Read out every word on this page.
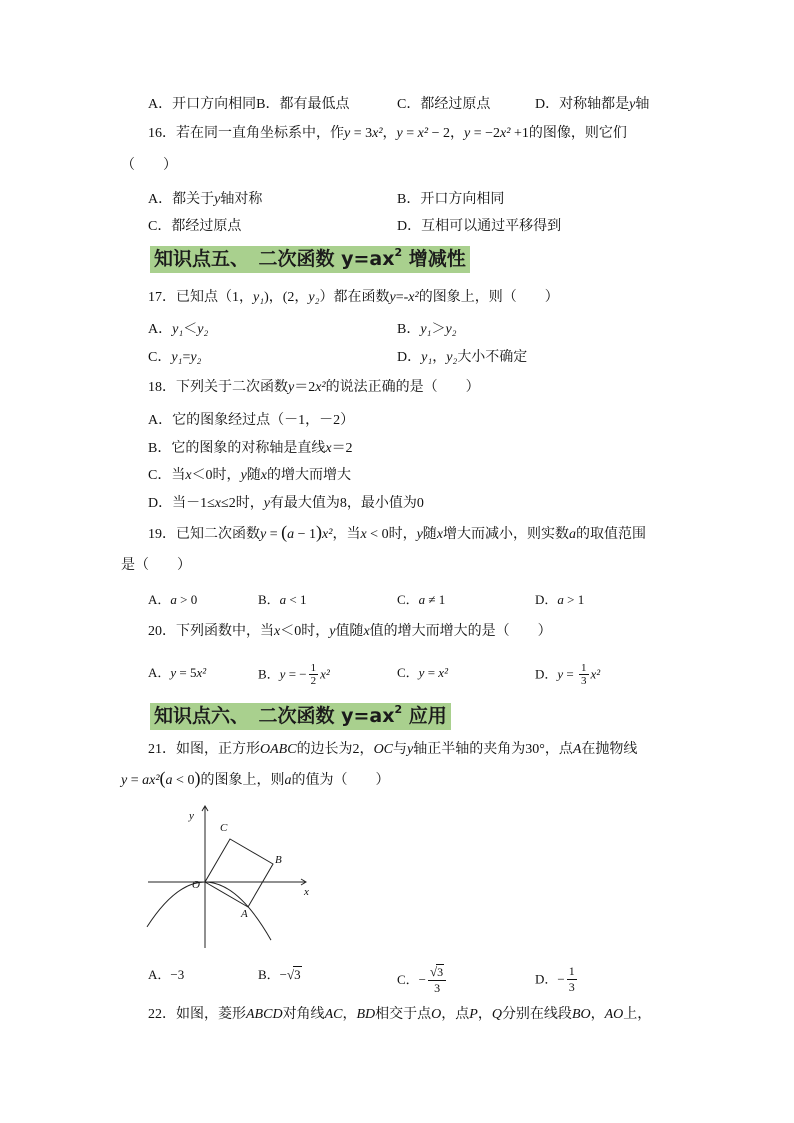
A．开口方向相同B．都有最低点	C．都经过原点	D．对称轴都是y轴
16．若在同一直角坐标系中，作y = 3x²，y = x² − 2，y = −2x² +1的图像，则它们
（　　）
A．都关于y轴对称	B．开口方向相同
C．都经过原点	D．互相可以通过平移得到
知识点五、　二次函数 $y=ax^2$ 增减性
17．已知点（1，y₁)，(2，y₂）都在函数y=-x²的图象上，则（　　）
A．y₁＜y₂	B．y₁＞y₂
C．y₁=y₂	D．y₁，y₂大小不确定
18．下列关于二次函数y＝2x²的说法正确的是（　　）
A．它的图象经过点（－1，－2）
B．它的图象的对称轴是直线x＝2
C．当x＜0时，y随x的增大而增大
D．当－1≤x≤2时，y有最大值为8，最小值为0
19．已知二次函数y = (a − 1)x²，当x < 0时，y随x增大而减小，则实数a的取值范围
是（　　）
A．a > 0	B．a < 1	C．a ≠ 1	D．a > 1
20．下列函数中，当x＜0时，y值随x值的增大而增大的是（　　）
A．y = 5x²	B．y = − $\frac{1}{2} x^2$	C．y = x²	D．$y = \frac{1}{3} x^2$
知识点六、　二次函数 $y=ax^2$ 应用
21．如图，正方形OABC的边长为2，OC与y轴正半轴的夹角为30°，点A在抛物线
y = ax²(a < 0)的图象上，则a的值为（　　）
y
x
O
C
B
A
A．−3	B．−√3	C．− $\frac{√3}{3}$	D．− $\frac{1}{3}$
22．如图，菱形ABCD对角线AC，BD相交于点O，点P，Q分别在线段BO，AO上，
